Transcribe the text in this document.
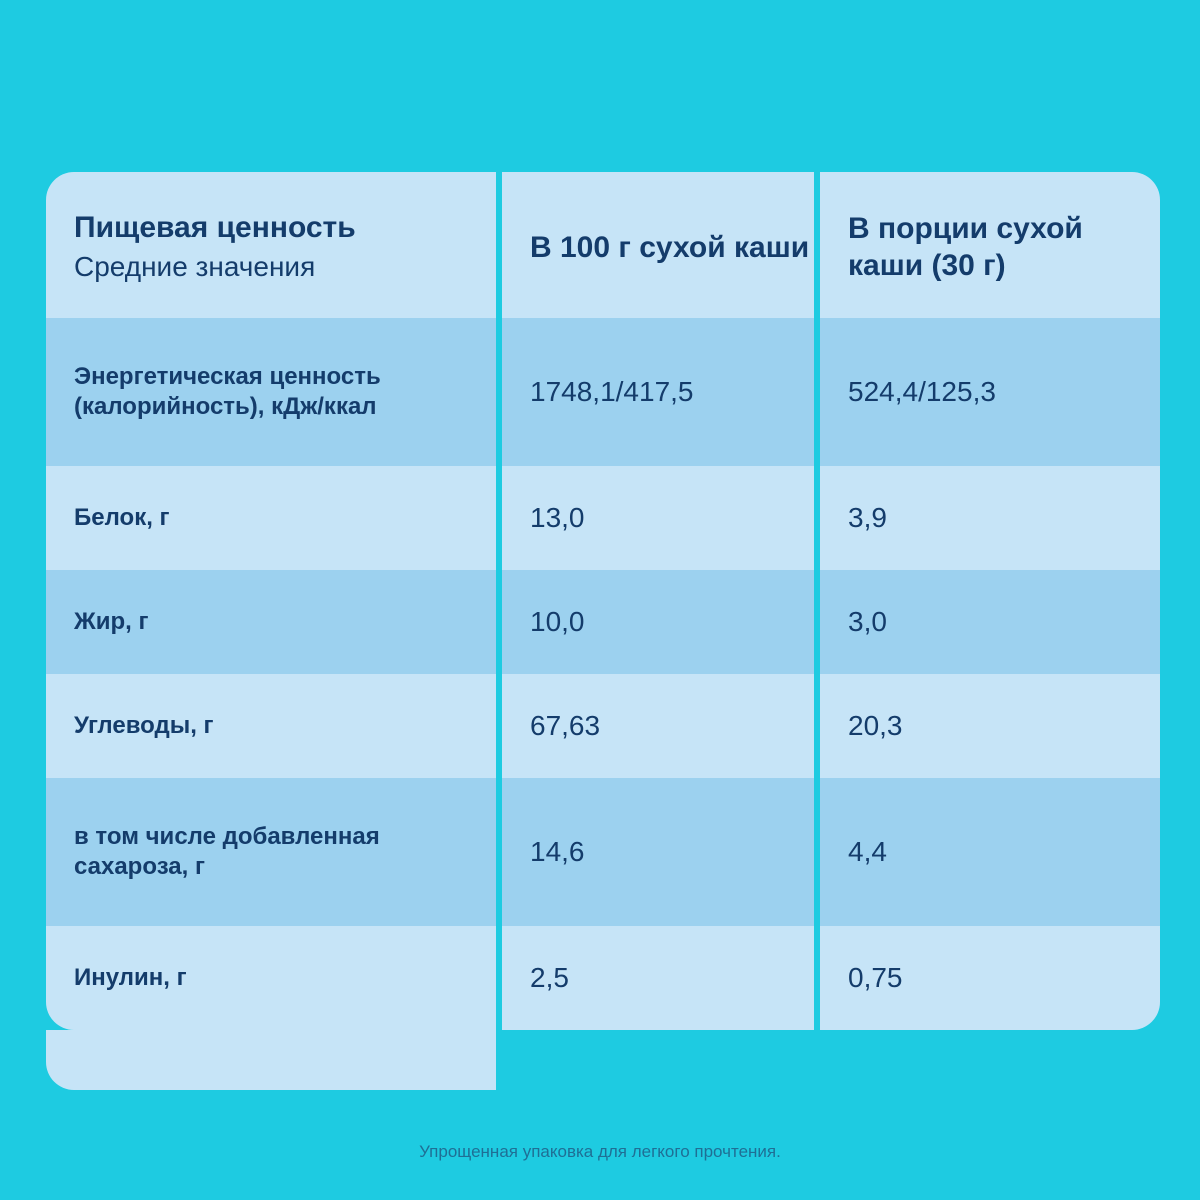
Пищевая ценность
Средние значения	В 100 г сухой каши	В порции сухой каши (30 г)

Энергетическая ценность (калорийность), кДж/ккал	1748,1/417,5	524,4/125,3

Белок, г	13,0	3,9

Жир, г	10,0	3,0

Углеводы, г	67,63	20,3

в том числе добавленная сахароза, г	14,6	4,4

Инулин, г	2,5	0,75

Упрощенная упаковка для легкого прочтения.
